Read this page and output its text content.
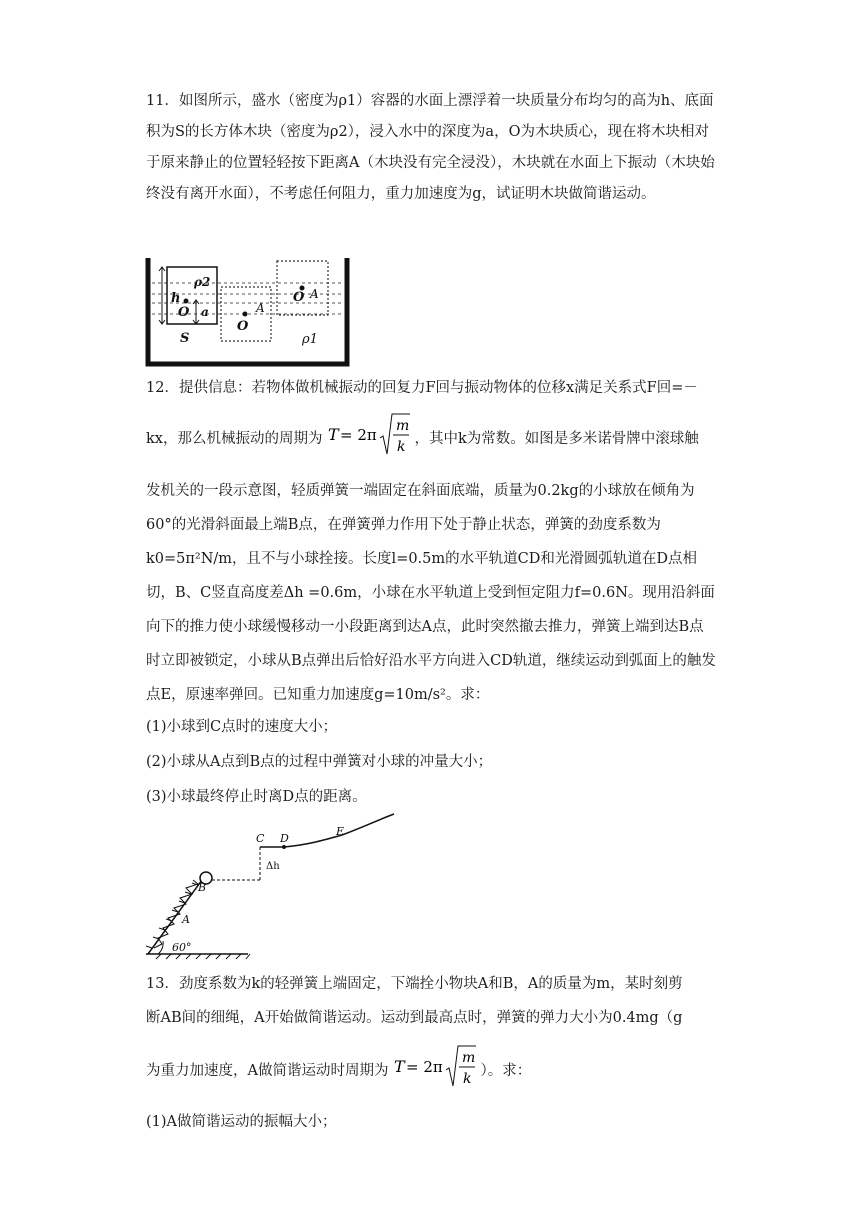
11．如图所示，盛水（密度为ρ1）容器的水面上漂浮着一块质量分布均匀的高为h、底面积为S的长方体木块（密度为ρ2），浸入水中的深度为a，O为木块质心，现在将木块相对于原来静止的位置轻轻按下距离A（木块没有完全浸没），木块就在水面上下振动（木块始终没有离开水面），不考虑任何阻力，重力加速度为g，试证明木块做简谐运动。

h
ρ2
O a
S
O
A
O A
ρ1

12．提供信息：若物体做机械振动的回复力F回与振动物体的位移x满足关系式F回=－

kx，那么机械振动的周期为 T = 2π m
k
，其中k为常数。如图是多米诺骨牌中滚球触

发机关的一段示意图，轻质弹簧一端固定在斜面底端，质量为0.2kg的小球放在倾角为60°的光滑斜面最上端B点，在弹簧弹力作用下处于静止状态，弹簧的劲度系数为k0=5π²N/m，且不与小球拴接。长度l=0.5m的水平轨道CD和光滑圆弧轨道在D点相切，B、C竖直高度差Δh =0.6m，小球在水平轨道上受到恒定阻力f=0.6N。现用沿斜面向下的推力使小球缓慢移动一小段距离到达A点，此时突然撤去推力，弹簧上端到达B点时立即被锁定，小球从B点弹出后恰好沿水平方向进入CD轨道，继续运动到弧面上的触发点E，原速率弹回。已知重力加速度g=10m/s²。求：

(1)小球到C点时的速度大小；

(2)小球从A点到B点的过程中弹簧对小球的冲量大小；

(3)小球最终停止时离D点的距离。

60°
B
A
Δh
C D
E

13．劲度系数为k的轻弹簧上端固定，下端拴小物块A和B，A的质量为m，某时刻剪

断AB间的细绳，A开始做简谐运动。运动到最高点时，弹簧的弹力大小为0.4mg（g

为重力加速度，A做简谐运动时周期为 T = 2π m
k
）。求：

(1)A做简谐运动的振幅大小；
